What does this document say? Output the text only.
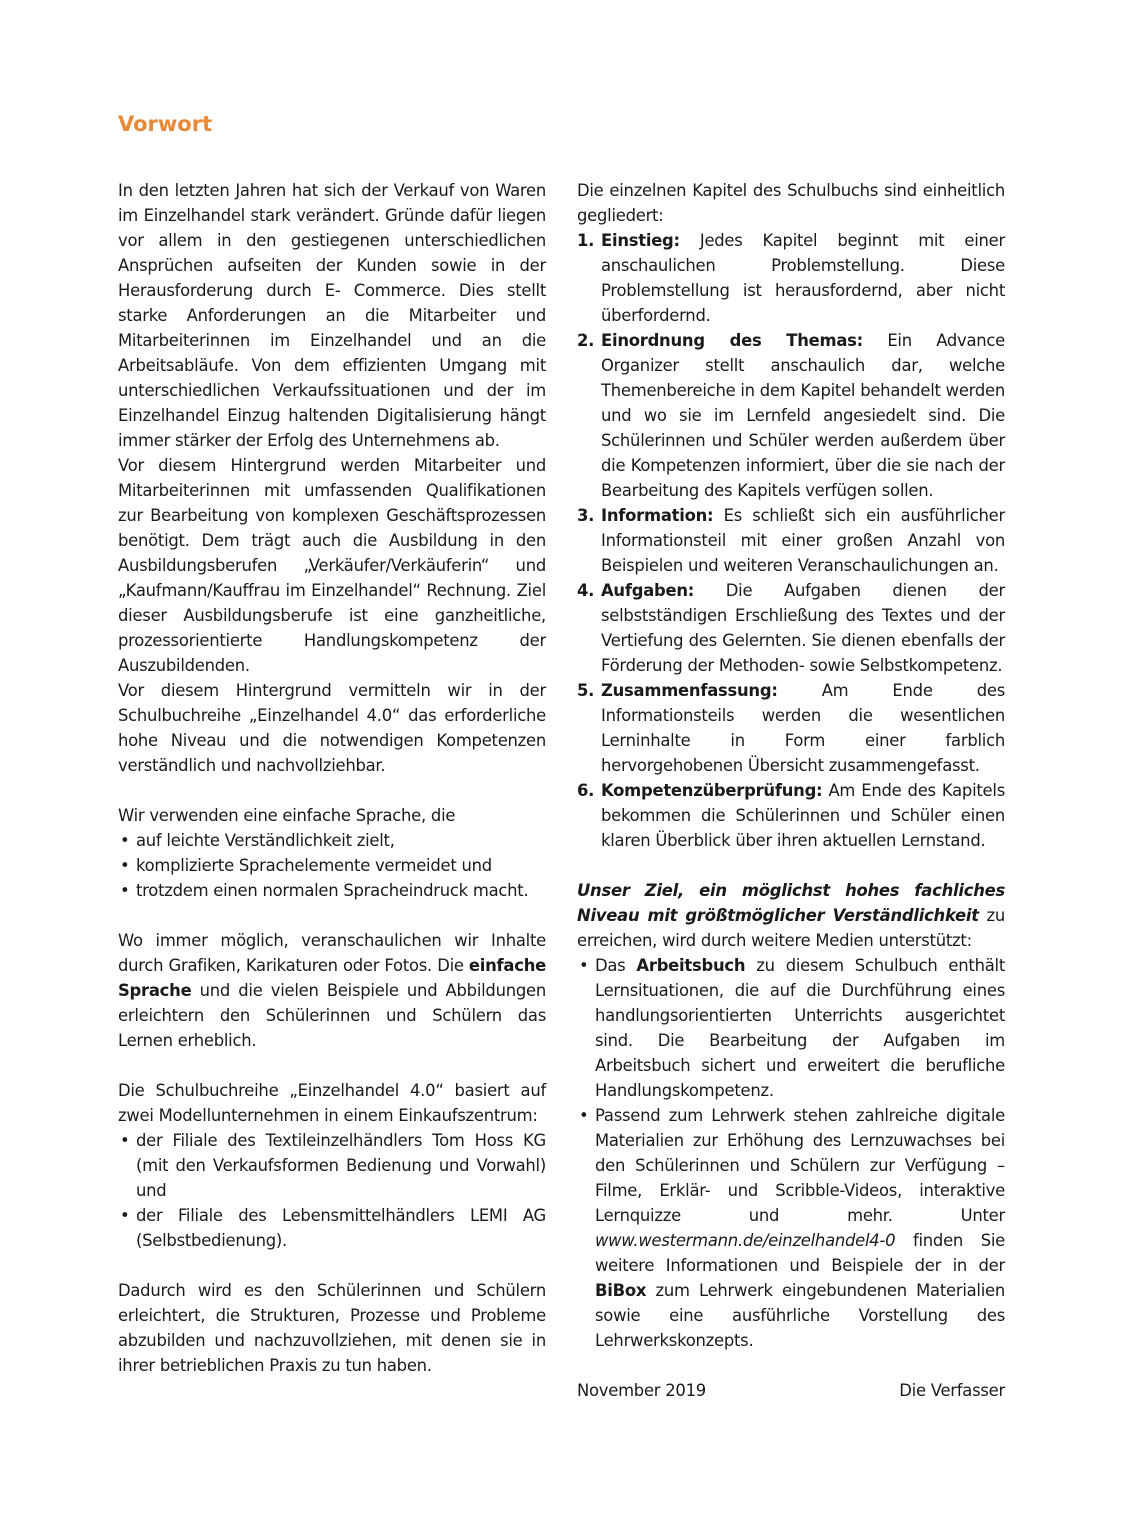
Vorwort

In den letzten Jahren hat sich der Verkauf von Waren im Einzelhandel stark verändert. Gründe dafür liegen vor allem in den gestiegenen unterschiedlichen Ansprüchen aufseiten der Kunden sowie in der Herausforderung durch E- Commerce. Dies stellt starke Anforderungen an die Mitarbeiter und Mitarbeiterinnen im Einzelhandel und an die Arbeitsabläufe. Von dem effizienten Umgang mit unterschiedlichen Verkaufssituationen und der im Einzelhandel Einzug haltenden Digitalisierung hängt immer stärker der Erfolg des Unternehmens ab.

Vor diesem Hintergrund werden Mitarbeiter und Mitarbeiterinnen mit umfassenden Qualifikationen zur Bearbeitung von komplexen Geschäftsprozessen benötigt. Dem trägt auch die Ausbildung in den Ausbildungsberufen „Verkäufer/Verkäuferin“ und „Kaufmann/Kauffrau im Einzelhandel“ Rechnung. Ziel dieser Ausbildungsberufe ist eine ganzheitliche, prozessorientierte Handlungskompetenz der Auszubildenden.

Vor diesem Hintergrund vermitteln wir in der Schulbuchreihe „Einzelhandel 4.0“ das erforderliche hohe Niveau und die notwendigen Kompetenzen verständlich und nachvollziehbar.

Wir verwenden eine einfache Sprache, die

• auf leichte Verständlichkeit zielt,
• komplizierte Sprachelemente vermeidet und
• trotzdem einen normalen Spracheindruck macht.

Wo immer möglich, veranschaulichen wir Inhalte durch Grafiken, Karikaturen oder Fotos. Die einfache Sprache und die vielen Beispiele und Abbildungen erleichtern den Schülerinnen und Schülern das Lernen erheblich.

Die Schulbuchreihe „Einzelhandel 4.0“ basiert auf zwei Modellunternehmen in einem Einkaufszentrum:

• der Filiale des Textileinzelhändlers Tom Hoss KG (mit den Verkaufsformen Bedienung und Vorwahl) und
• der Filiale des Lebensmittelhändlers LEMI AG (Selbstbedienung).

Dadurch wird es den Schülerinnen und Schülern erleichtert, die Strukturen, Prozesse und Probleme abzubilden und nachzuvollziehen, mit denen sie in ihrer betrieblichen Praxis zu tun haben.

Die einzelnen Kapitel des Schulbuchs sind einheitlich gegliedert:

1. Einstieg: Jedes Kapitel beginnt mit einer anschaulichen Problemstellung. Diese Problemstellung ist herausfordernd, aber nicht überfordernd.
2. Einordnung des Themas: Ein Advance Organizer stellt anschaulich dar, welche Themenbereiche in dem Kapitel behandelt werden und wo sie im Lernfeld angesiedelt sind. Die Schülerinnen und Schüler werden außerdem über die Kompetenzen informiert, über die sie nach der Bearbeitung des Kapitels verfügen sollen.
3. Information: Es schließt sich ein ausführlicher Informationsteil mit einer großen Anzahl von Beispielen und weiteren Veranschaulichungen an.
4. Aufgaben: Die Aufgaben dienen der selbstständigen Erschließung des Textes und der Vertiefung des Gelernten. Sie dienen ebenfalls der Förderung der Methoden- sowie Selbstkompetenz.
5. Zusammenfassung: Am Ende des Informationsteils werden die wesentlichen Lerninhalte in Form einer farblich hervorgehobenen Übersicht zusammengefasst.
6. Kompetenzüberprüfung: Am Ende des Kapitels bekommen die Schülerinnen und Schüler einen klaren Überblick über ihren aktuellen Lernstand.

Unser Ziel, ein möglichst hohes fachliches Niveau mit größtmöglicher Verständlichkeit zu erreichen, wird durch weitere Medien unterstützt:

• Das Arbeitsbuch zu diesem Schulbuch enthält Lernsituationen, die auf die Durchführung eines handlungsorientierten Unterrichts ausgerichtet sind. Die Bearbeitung der Aufgaben im Arbeitsbuch sichert und erweitert die berufliche Handlungskompetenz.
• Passend zum Lehrwerk stehen zahlreiche digitale Materialien zur Erhöhung des Lernzuwachses bei den Schülerinnen und Schülern zur Verfügung – Filme, Erklär- und Scribble-Videos, interaktive Lernquizze und mehr. Unter www.westermann.de/einzelhandel4-0 finden Sie weitere Informationen und Beispiele der in der BiBox zum Lehrwerk eingebundenen Materialien sowie eine ausführliche Vorstellung des Lehrwerkskonzepts.
November 2019	Die Verfasser
